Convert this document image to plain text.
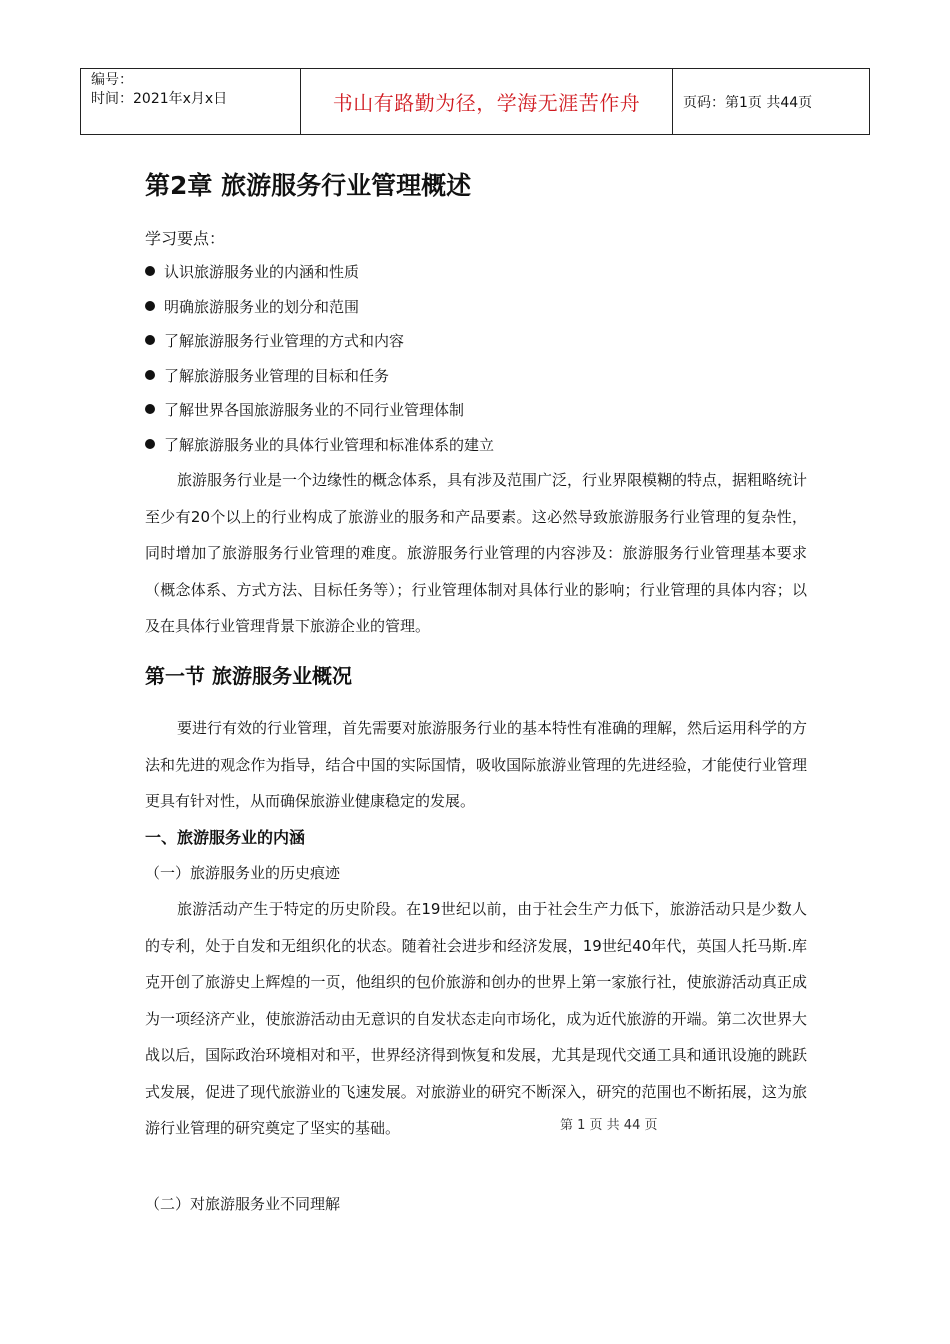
编号：
时间：2021年x月x日	书山有路勤为径，学海无涯苦作舟	页码：第1页 共44页
第2章 旅游服务行业管理概述

学习要点：

认识旅游服务业的内涵和性质
明确旅游服务业的划分和范围
了解旅游服务行业管理的方式和内容
了解旅游服务业管理的目标和任务
了解世界各国旅游服务业的不同行业管理体制
了解旅游服务业的具体行业管理和标准体系的建立

旅游服务行业是一个边缘性的概念体系，具有涉及范围广泛，行业界限模糊的特点，据粗略统计至少有20个以上的行业构成了旅游业的服务和产品要素。这必然导致旅游服务行业管理的复杂性，同时增加了旅游服务行业管理的难度。旅游服务行业管理的内容涉及：旅游服务行业管理基本要求（概念体系、方式方法、目标任务等）；行业管理体制对具体行业的影响；行业管理的具体内容；以及在具体行业管理背景下旅游企业的管理。

第一节 旅游服务业概况

要进行有效的行业管理，首先需要对旅游服务行业的基本特性有准确的理解，然后运用科学的方法和先进的观念作为指导，结合中国的实际国情，吸收国际旅游业管理的先进经验，才能使行业管理更具有针对性，从而确保旅游业健康稳定的发展。

一、旅游服务业的内涵

（一）旅游服务业的历史痕迹

旅游活动产生于特定的历史阶段。在19世纪以前，由于社会生产力低下，旅游活动只是少数人的专利，处于自发和无组织化的状态。随着社会进步和经济发展，19世纪40年代，英国人托马斯.库克开创了旅游史上辉煌的一页，他组织的包价旅游和创办的世界上第一家旅行社，使旅游活动真正成为一项经济产业，使旅游活动由无意识的自发状态走向市场化，成为近代旅游的开端。第二次世界大战以后，国际政治环境相对和平，世界经济得到恢复和发展，尤其是现代交通工具和通讯设施的跳跃式发展，促进了现代旅游业的飞速发展。对旅游业的研究不断深入，研究的范围也不断拓展，这为旅游行业管理的研究奠定了坚实的基础。	第 1 页 共 44 页

（二）对旅游服务业不同理解
